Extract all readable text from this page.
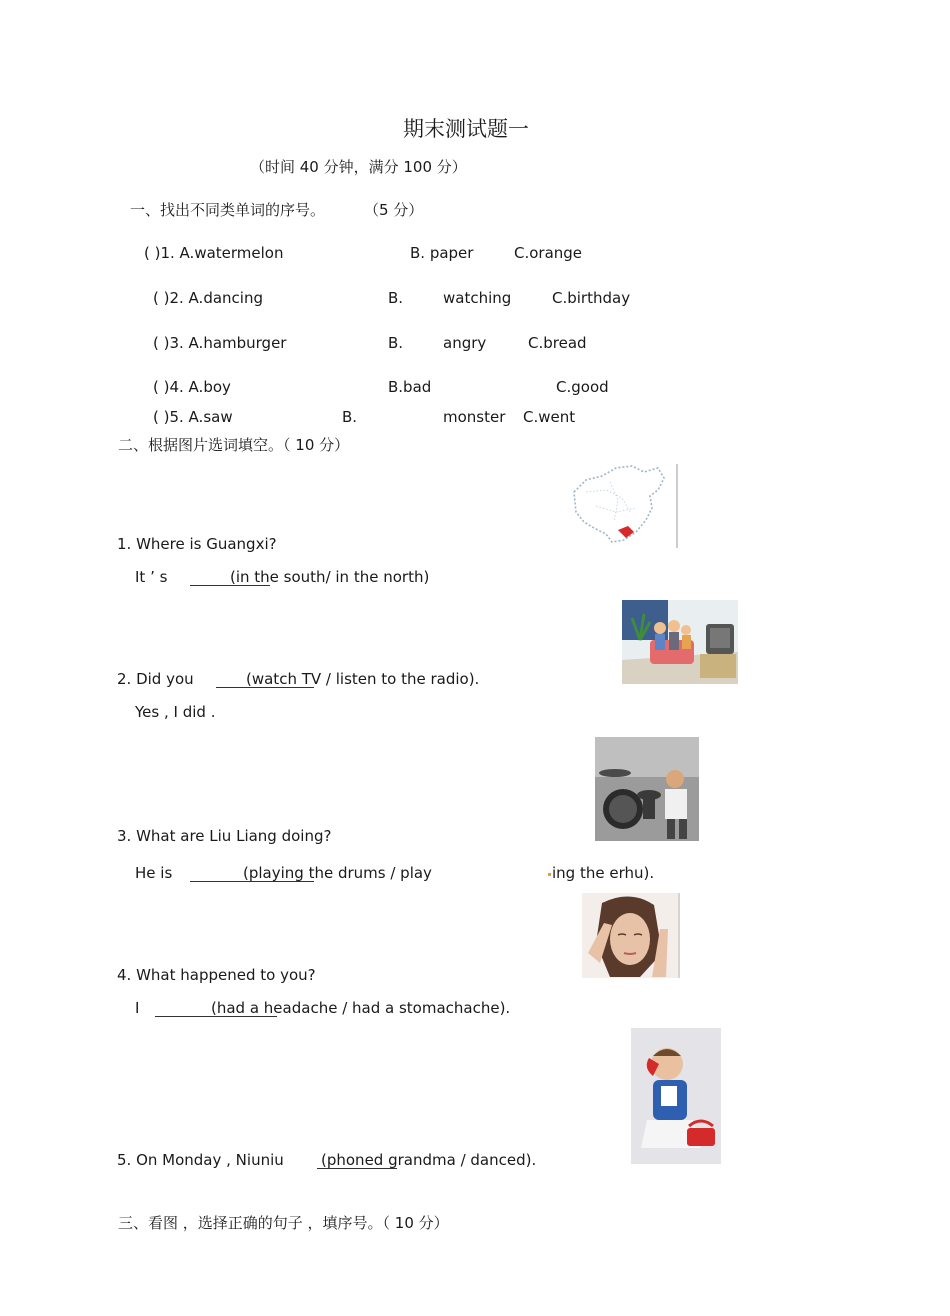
期末测试题一
（时间 40 分钟，满分 100 分）
一、找出不同类单词的序号。	（5 分）
( )1. A.watermelon	B. paper	C.orange
( )2. A.dancing	B.	watching	C.birthday
( )3. A.hamburger	B.	angry	C.bread
( )4. A.boy	B.bad	C.good
( )5. A.saw	B.	monster C.went
二、根据图片选词填空。（ 10 分）
1. Where is Guangxi?
It ’ s	(in the south/ in the north)
2. Did you	(watch TV / listen to the radio).
Yes , I did .
3. What are Liu Liang doing?
He is	(playing the drums / play	ing the erhu).
4. What happened to you?
I	(had a headache / had a stomachache).
5. On Monday , Niuniu (phoned grandma / danced).
三、看图 ，选择正确的句子 ，填序号。（ 10 分）
